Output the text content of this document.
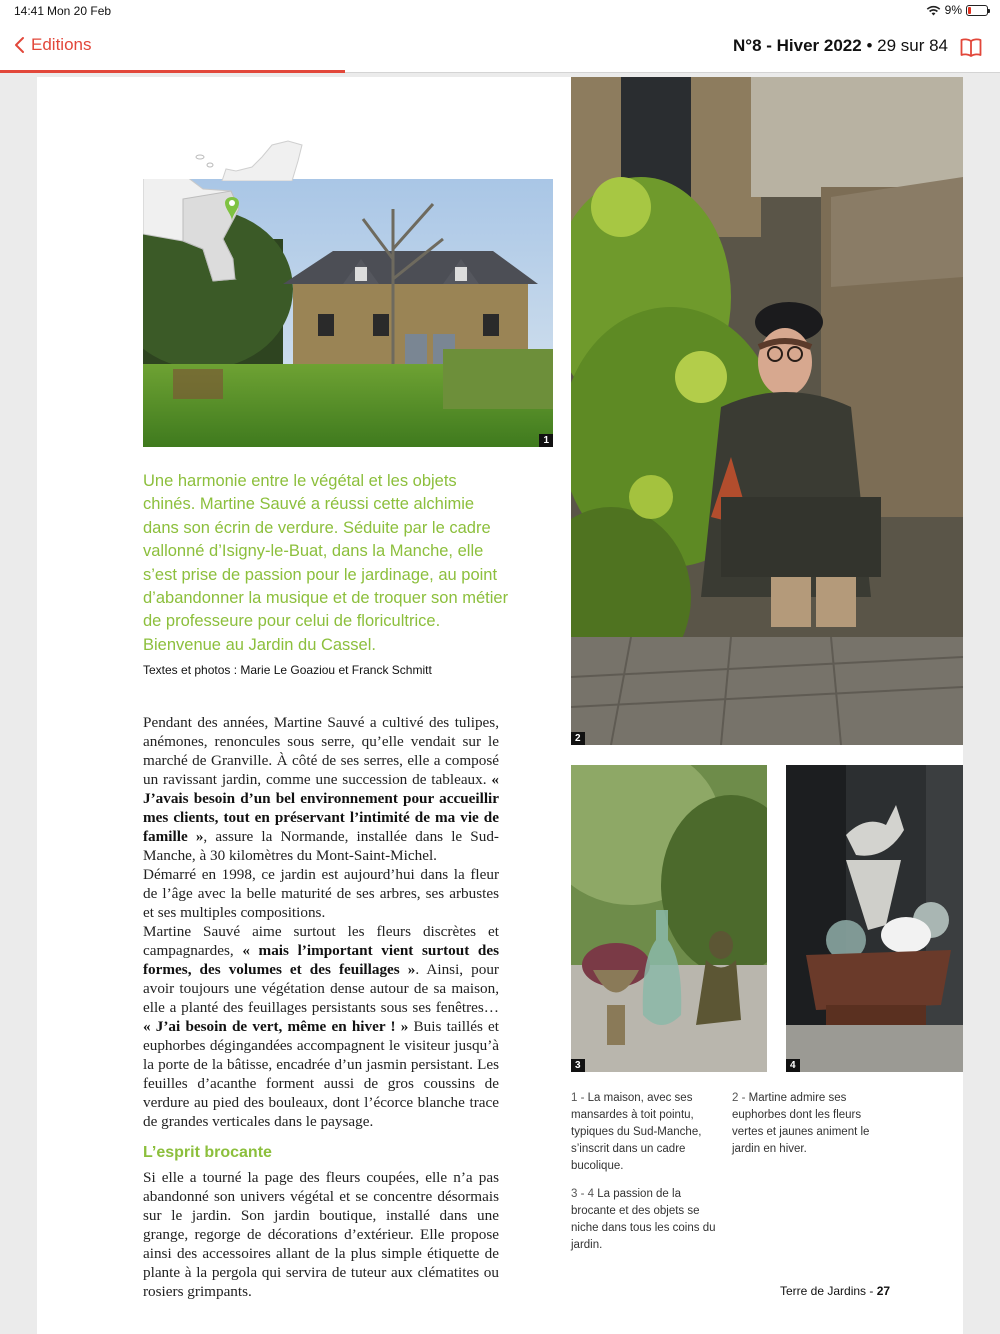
14:41 Mon 20 Feb	9%
Editions	N°8 - Hiver 2022 • 29 sur 84
1

Une harmonie entre le végétal et les objets chinés. Martine Sauvé a réussi cette alchimie dans son écrin de verdure. Séduite par le cadre vallonné d’Isigny-le-Buat, dans la Manche, elle s’est prise de passion pour le jardinage, au point d’abandonner la musique et de troquer son métier de professeure pour celui de floricultrice. Bienvenue au Jardin du Cassel.

Textes et photos : Marie Le Goaziou et Franck Schmitt

Pendant des années, Martine Sauvé a cultivé des tulipes, anémones, renoncules sous serre, qu’elle vendait sur le marché de Granville. À côté de ses serres, elle a composé un ravissant jardin, comme une succession de tableaux. « J’avais besoin d’un bel environnement pour accueillir mes clients, tout en préservant l’intimité de ma vie de famille », assure la Normande, installée dans le Sud-Manche, à 30 kilomètres du Mont-Saint-Michel.

Démarré en 1998, ce jardin est aujourd’hui dans la fleur de l’âge avec la belle maturité de ses arbres, ses arbustes et ses multiples compositions.

Martine Sauvé aime surtout les fleurs discrètes et campagnardes, « mais l’important vient surtout des formes, des volumes et des feuillages ». Ainsi, pour avoir toujours une végétation dense autour de sa maison, elle a planté des feuillages persistants sous ses fenêtres… « J’ai besoin de vert, même en hiver ! » Buis taillés et euphorbes dégingandées accompagnent le visiteur jusqu’à la porte de la bâtisse, encadrée d’un jasmin persistant. Les feuilles d’acanthe forment aussi de gros coussins de verdure au pied des bouleaux, dont l’écorce blanche trace de grandes verticales dans le paysage.

L’esprit brocante

Si elle a tourné la page des fleurs coupées, elle n’a pas abandonné son univers végétal et se concentre désormais sur le jardin. Son jardin boutique, installé dans une grange, regorge de décorations d’extérieur. Elle propose ainsi des accessoires allant de la plus simple étiquette de plante à la pergola qui servira de tuteur aux clématites ou rosiers grimpants.

2
3	4
1 - La maison, avec ses mansardes à toit pointu, typiques du Sud-Manche, s’inscrit dans un cadre bucolique.
2 - Martine admire ses euphorbes dont les fleurs vertes et jaunes animent le jardin en hiver.
3 - 4 La passion de la brocante et des objets se niche dans tous les coins du jardin.
Terre de Jardins - 27
